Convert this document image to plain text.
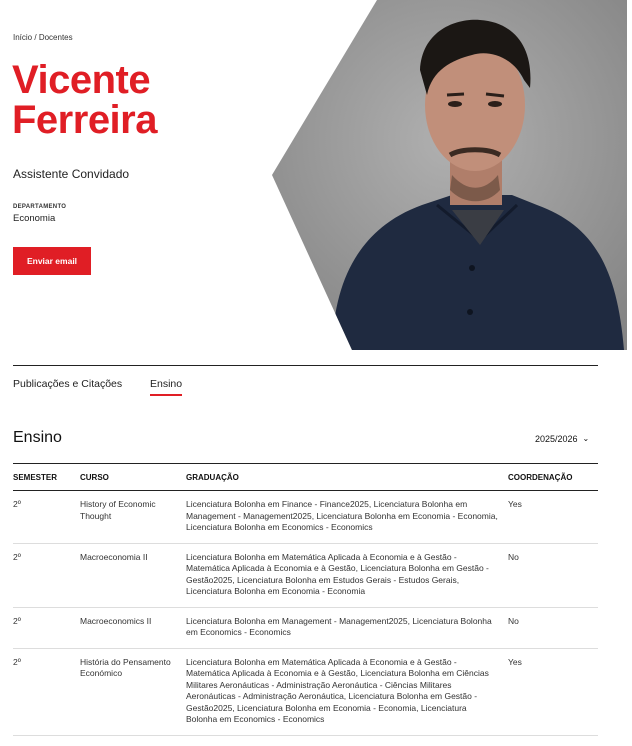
Início / Docentes
Vicente
Ferreira
Assistente Convidado
DEPARTAMENTO
Economia
Enviar email
Publicações e Citações	Ensino
Ensino	2025/2026 ⌄
SEMESTER	CURSO	GRADUAÇÃO	COORDENAÇÃO
2º	History of Economic Thought	Licenciatura Bolonha em Finance - Finance2025, Licenciatura Bolonha em Management - Management2025, Licenciatura Bolonha em Economia - Economia, Licenciatura Bolonha em Economics - Economics	Yes
2º	Macroeconomia II	Licenciatura Bolonha em Matemática Aplicada à Economia e à Gestão - Matemática Aplicada à Economia e à Gestão, Licenciatura Bolonha em Gestão - Gestão2025, Licenciatura Bolonha em Estudos Gerais - Estudos Gerais, Licenciatura Bolonha em Economia - Economia	No
2º	Macroeconomics II	Licenciatura Bolonha em Management - Management2025, Licenciatura Bolonha em Economics - Economics	No
2º	História do Pensamento Económico	Licenciatura Bolonha em Matemática Aplicada à Economia e à Gestão - Matemática Aplicada à Economia e à Gestão, Licenciatura Bolonha em Ciências Militares Aeronáuticas - Administração Aeronáutica - Ciências Militares Aeronáuticas - Administração Aeronáutica, Licenciatura Bolonha em Gestão - Gestão2025, Licenciatura Bolonha em Economia - Economia, Licenciatura Bolonha em Economics - Economics	Yes
